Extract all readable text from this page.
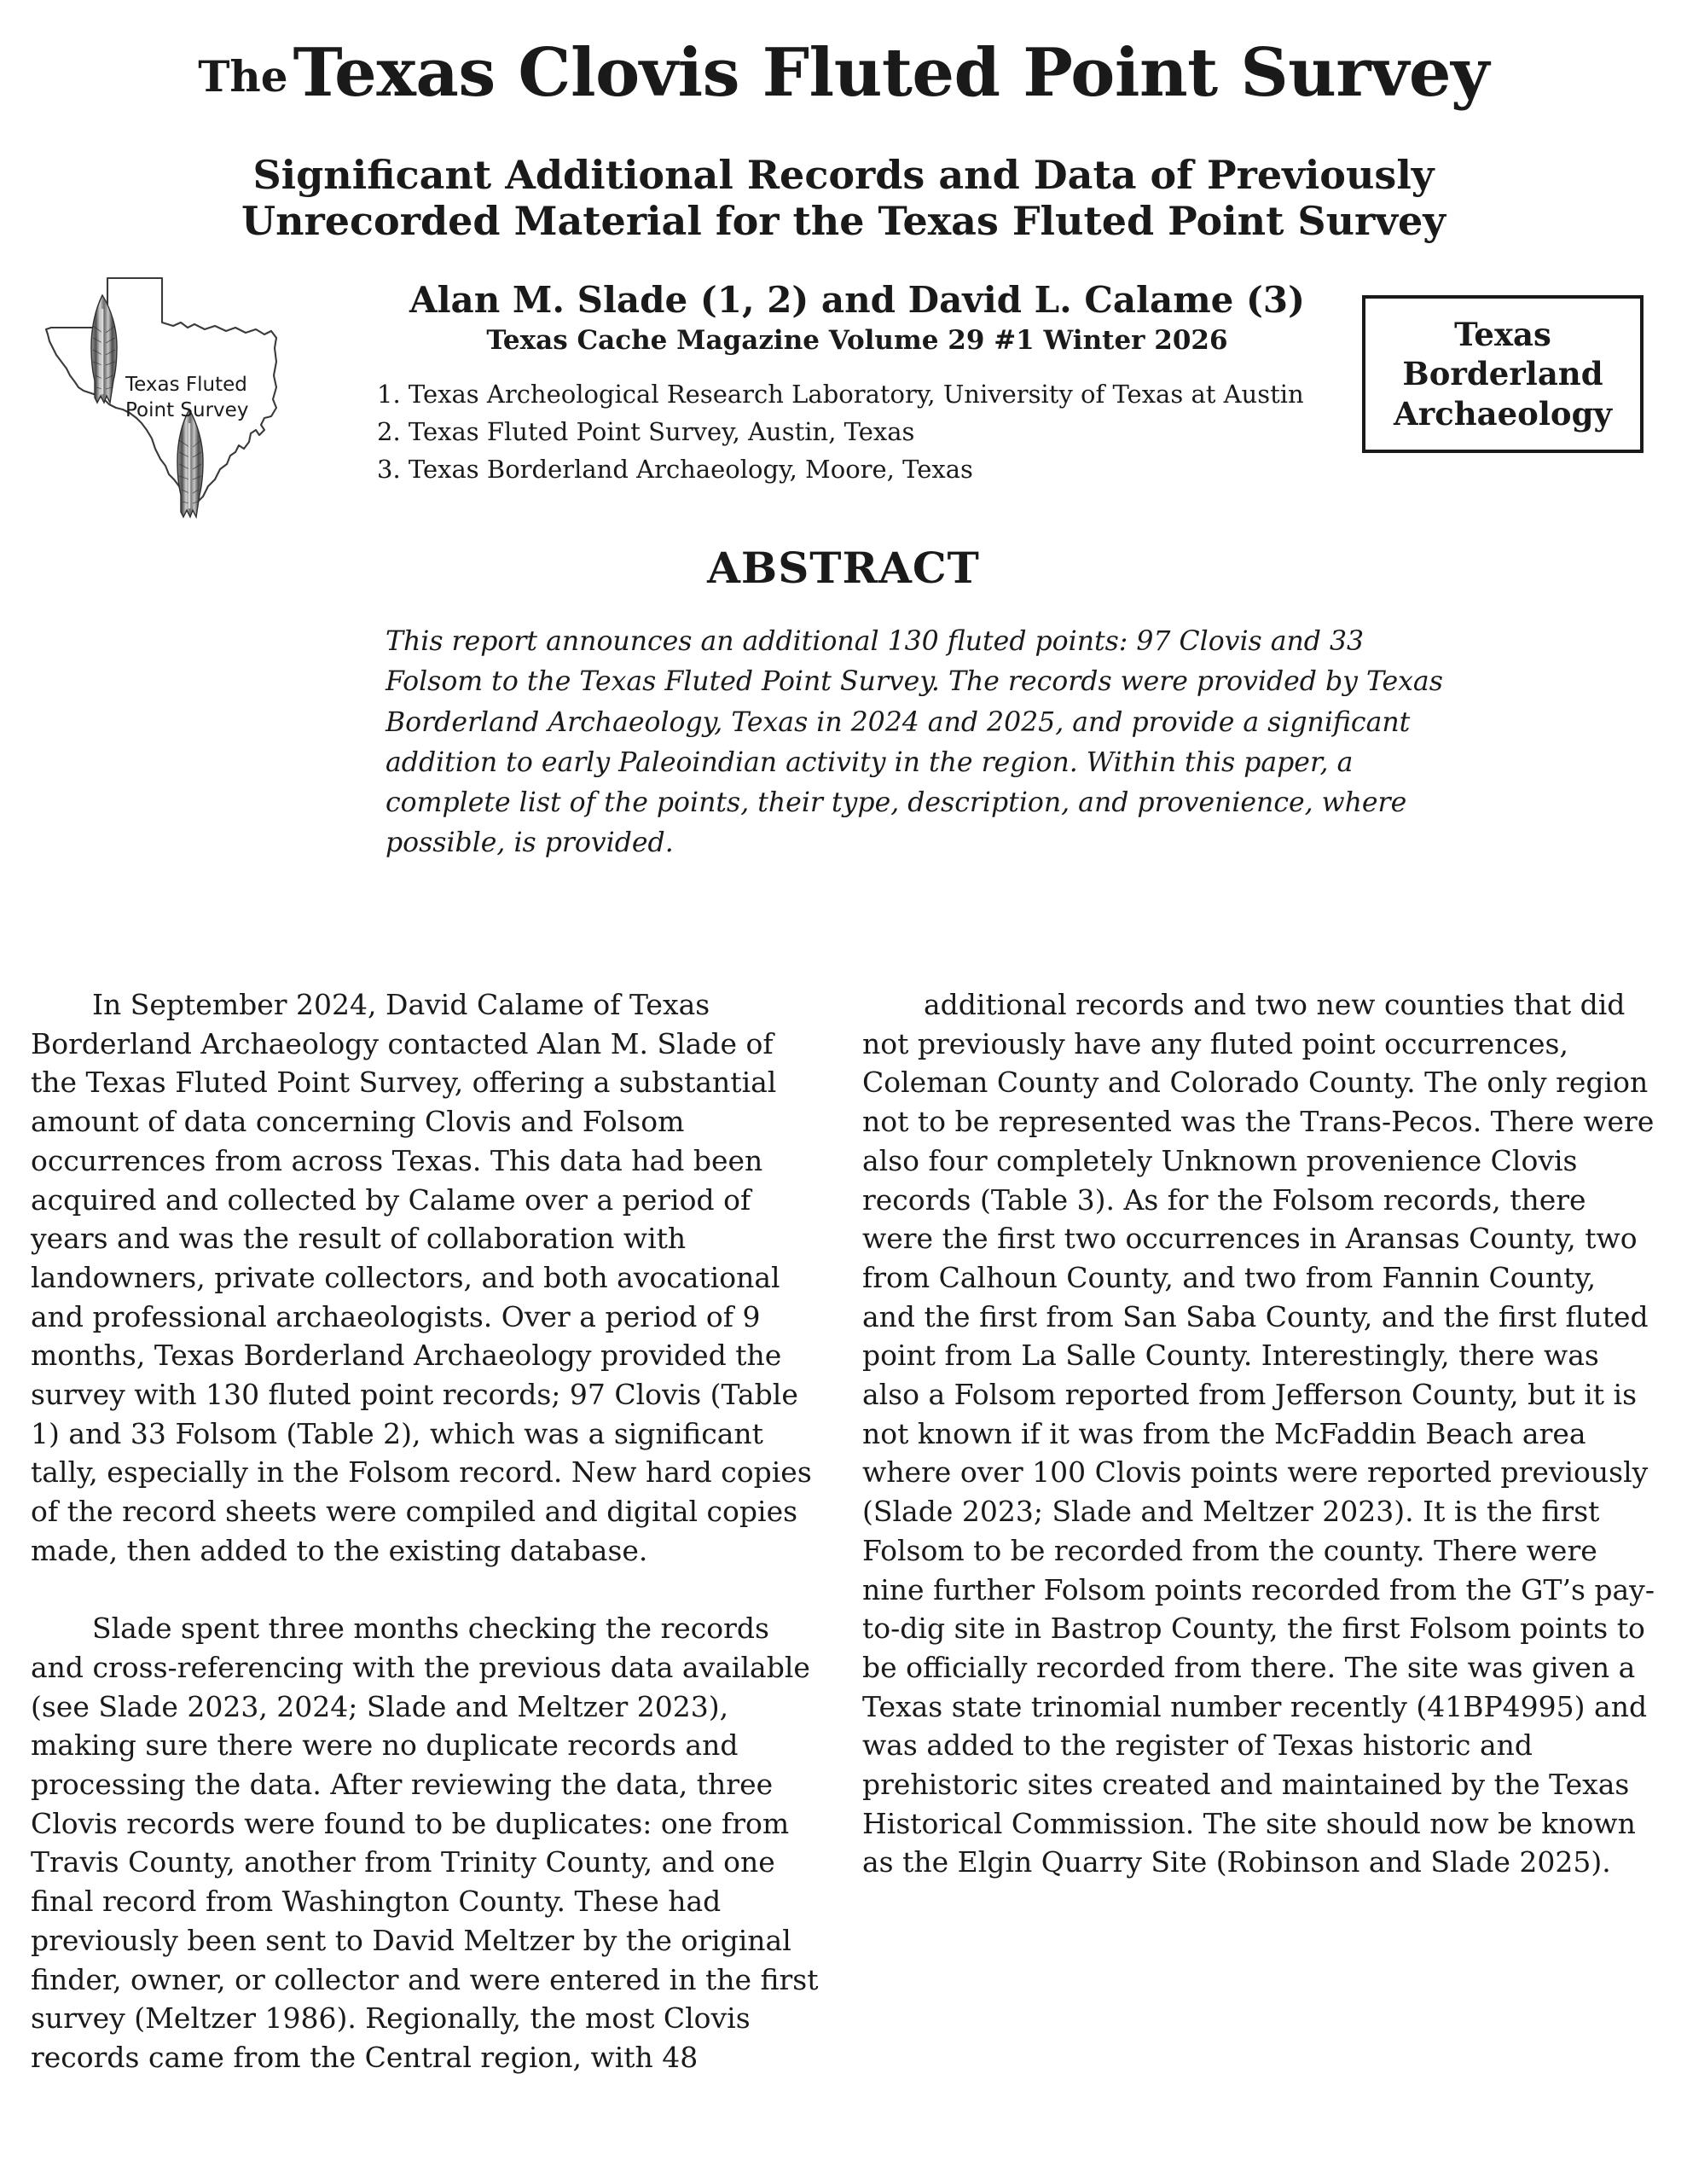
TheTexas Clovis Fluted Point Survey
Significant Additional Records and Data of Previously
Unrecorded Material for the Texas Fluted Point Survey
Texas Fluted
Point Survey
Alan M. Slade (1, 2) and David L. Calame (3)
Texas Cache Magazine Volume 29 #1 Winter 2026
1. Texas Archeological Research Laboratory, University of Texas at Austin
2. Texas Fluted Point Survey, Austin, Texas
3. Texas Borderland Archaeology, Moore, Texas
Texas
Borderland
Archaeology
ABSTRACT
This report announces an additional 130 fluted points: 97 Clovis and 33 Folsom to the Texas Fluted Point Survey. The records were provided by Texas Borderland Archaeology, Texas in 2024 and 2025, and provide a significant addition to early Paleoindian activity in the region. Within this paper, a complete list of the points, their type, description, and provenience, where possible, is provided.

In September 2024, David Calame of Texas Borderland Archaeology contacted Alan M. Slade of the Texas Fluted Point Survey, offering a substantial amount of data concerning Clovis and Folsom occurrences from across Texas. This data had been acquired and collected by Calame over a period of years and was the result of collaboration with landowners, private collectors, and both avocational and professional archaeologists. Over a period of 9 months, Texas Borderland Archaeology provided the survey with 130 fluted point records; 97 Clovis (Table 1) and 33 Folsom (Table 2), which was a significant tally, especially in the Folsom record. New hard copies of the record sheets were compiled and digital copies made, then added to the existing database.

Slade spent three months checking the records and cross-referencing with the previous data available (see Slade 2023, 2024; Slade and Meltzer 2023), making sure there were no duplicate records and processing the data. After reviewing the data, three Clovis records were found to be duplicates: one from Travis County, another from Trinity County, and one final record from Washington County. These had previously been sent to David Meltzer by the original finder, owner, or collector and were entered in the first survey (Meltzer 1986). Regionally, the most Clovis records came from the Central region, with 48

additional records and two new counties that did not previously have any fluted point occurrences, Coleman County and Colorado County. The only region not to be represented was the Trans-Pecos. There were also four completely Unknown provenience Clovis records (Table 3). As for the Folsom records, there were the first two occurrences in Aransas County, two from Calhoun County, and two from Fannin County, and the first from San Saba County, and the first fluted point from La Salle County. Interestingly, there was also a Folsom reported from Jefferson County, but it is not known if it was from the McFaddin Beach area where over 100 Clovis points were reported previously (Slade 2023; Slade and Meltzer 2023). It is the first Folsom to be recorded from the county. There were nine further Folsom points recorded from the GT’s pay-to-dig site in Bastrop County, the first Folsom points to be officially recorded from there. The site was given a Texas state trinomial number recently (41BP4995) and was added to the register of Texas historic and prehistoric sites created and maintained by the Texas Historical Commission. The site should now be known as the Elgin Quarry Site (Robinson and Slade 2025).
